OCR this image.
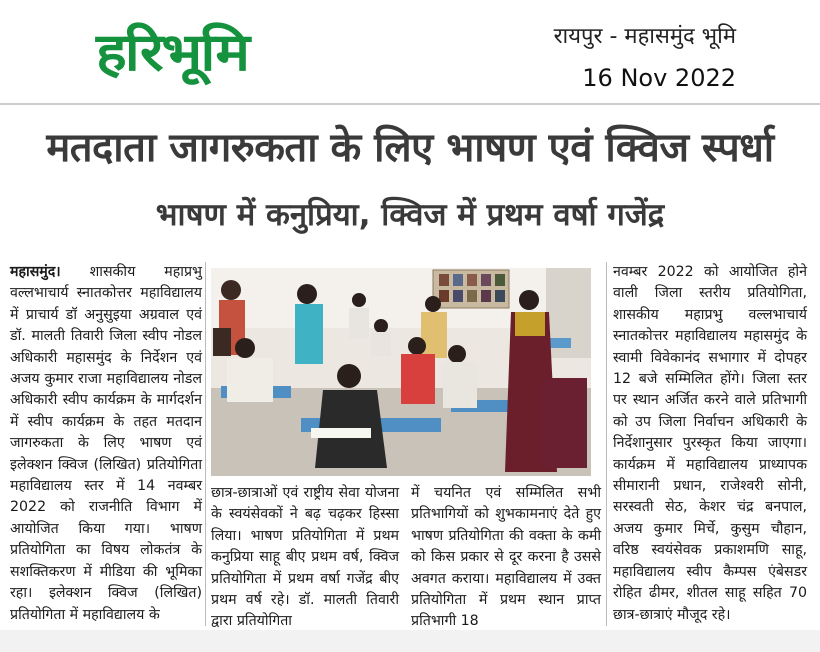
हरिभूमि	रायपुर - महासमुंद भूमि
16 Nov 2022
मतदाता जागरुकता के लिए भाषण एवं क्विज स्पर्धा
भाषण में कनुप्रिया, क्विज में प्रथम वर्षा गजेंद्र

महासमुंद। शासकीय महाप्रभु वल्लभाचार्य स्नातकोत्तर महाविद्यालय में प्राचार्य डॉ अनुसुइया अग्रवाल एवं डॉ. मालती तिवारी जिला स्वीप नोडल अधिकारी महासमुंद के निर्देशन एवं अजय कुमार राजा महाविद्यालय नोडल अधिकारी स्वीप कार्यक्रम के मार्गदर्शन में स्वीप कार्यक्रम के तहत मतदान जागरुकता के लिए भाषण एवं इलेक्शन क्विज (लिखित) प्रतियोगिता महाविद्यालय स्तर में 14 नवम्बर 2022 को राजनीति विभाग में आयोजित किया गया। भाषण प्रतियोगिता का विषय लोकतंत्र के सशक्तिकरण में मीडिया की भूमिका रहा। इलेक्शन क्विज (लिखित) प्रतियोगिता में महाविद्यालय के

छात्र-छात्राओं एवं राष्ट्रीय सेवा योजना के स्वयंसेवकों ने बढ़ चढ़कर हिस्सा लिया। भाषण प्रतियोगिता में प्रथम कनुप्रिया साहू बीए प्रथम वर्ष, क्विज प्रतियोगिता में प्रथम वर्षा गजेंद्र बीए प्रथम वर्ष रहे। डॉ. मालती तिवारी द्वारा प्रतियोगिता

में चयनित एवं सम्मिलित सभी प्रतिभागियों को शुभकामनाएं देते हुए भाषण प्रतियोगिता की वक्ता के कमी को किस प्रकार से दूर करना है उससे अवगत कराया। महाविद्यालय में उक्त प्रतियोगिता में प्रथम स्थान प्राप्त प्रतिभागी 18

नवम्बर 2022 को आयोजित होने वाली जिला स्तरीय प्रतियोगिता, शासकीय महाप्रभु वल्लभाचार्य स्नातकोत्तर महाविद्यालय महासमुंद के स्वामी विवेकानंद सभागार में दोपहर 12 बजे सम्मिलित होंगे। जिला स्तर पर स्थान अर्जित करने वाले प्रतिभागी को उप जिला निर्वाचन अधिकारी के निर्देशानुसार पुरस्कृत किया जाएगा। कार्यक्रम में महाविद्यालय प्राध्यापक सीमारानी प्रधान, राजेश्वरी सोनी, सरस्वती सेठ, केशर चंद्र बनपाल, अजय कुमार मिर्चे, कुसुम चौहान, वरिष्ठ स्वयंसेवक प्रकाशमणि साहू, महाविद्यालय स्वीप कैम्पस एंबेसडर रोहित ढीमर, शीतल साहू सहित 70 छात्र-छात्राएं मौजूद रहे।
